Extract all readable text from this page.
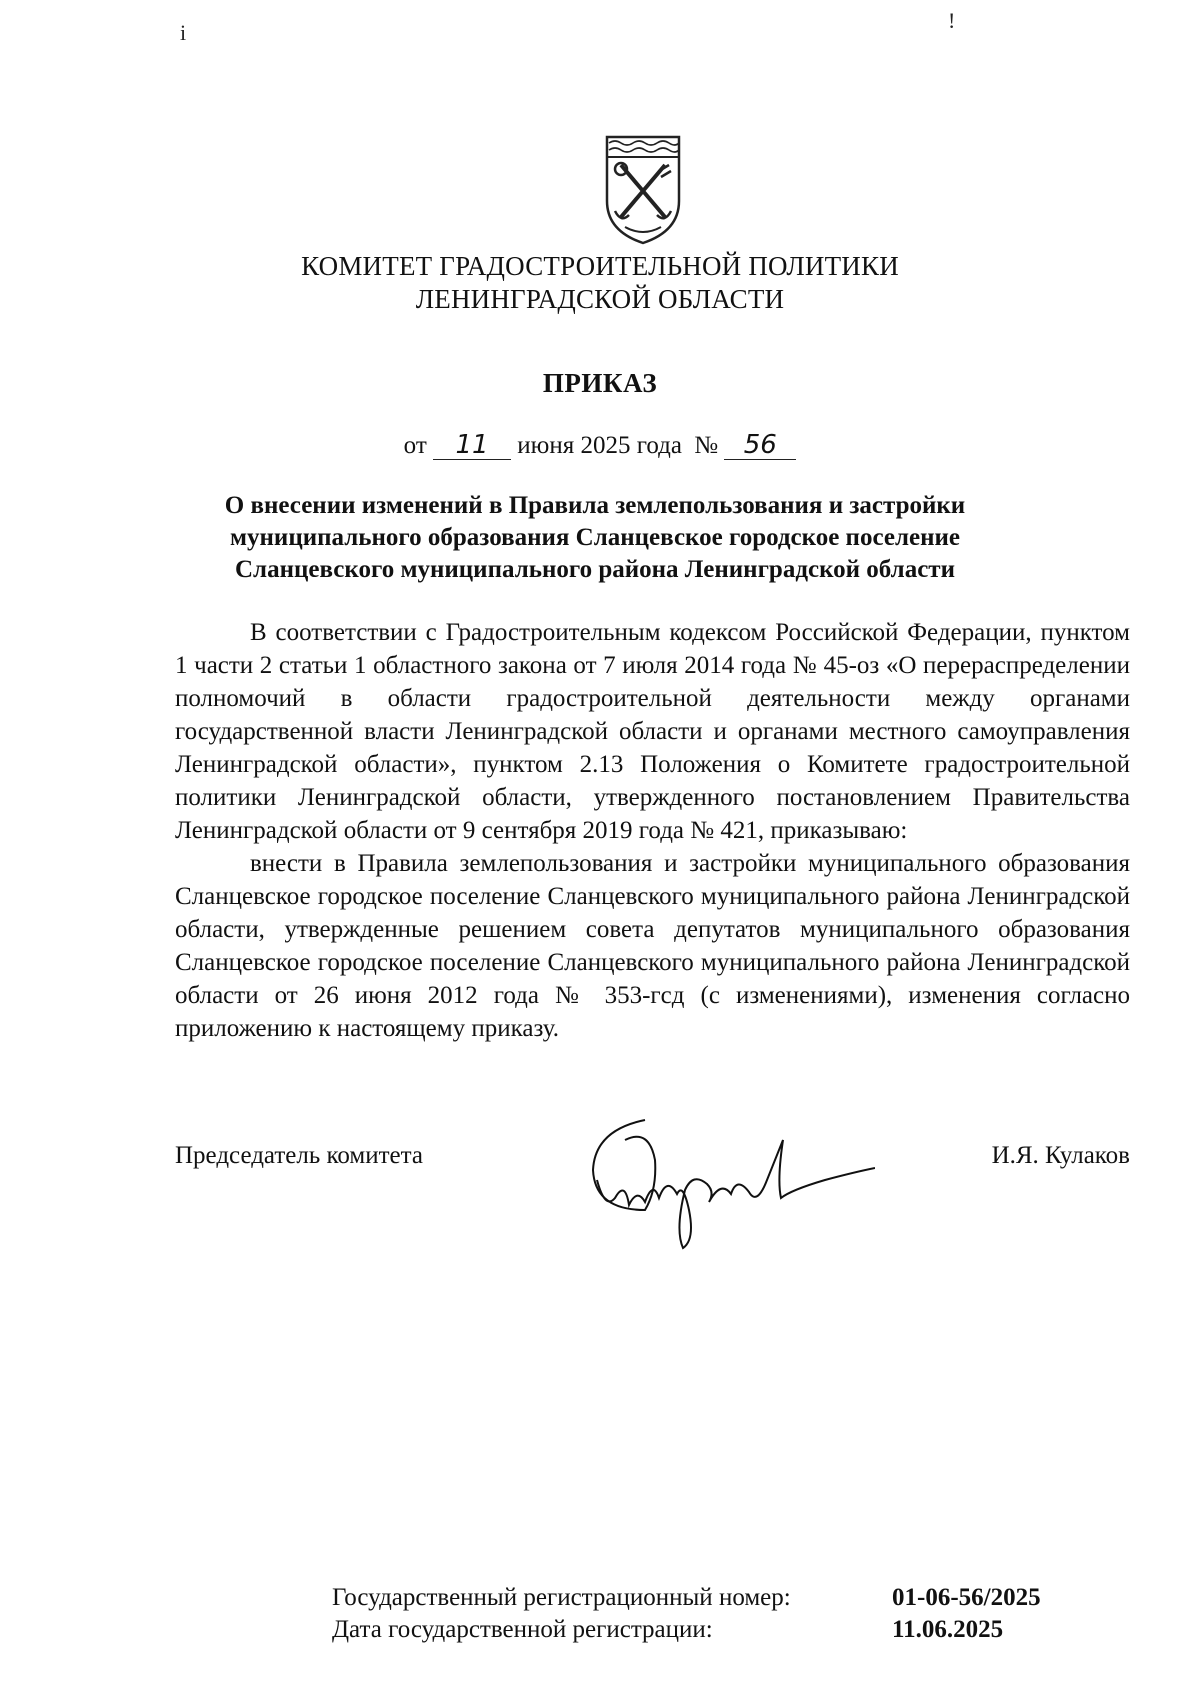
i	!
КОМИТЕТ ГРАДОСТРОИТЕЛЬНОЙ ПОЛИТИКИ
ЛЕНИНГРАДСКОЙ ОБЛАСТИ
ПРИКАЗ
от 11 июня 2025 года № 56
О внесении изменений в Правила землепользования и застройки
муниципального образования Сланцевское городское поселение
Сланцевского муниципального района Ленинградской области

В соответствии с Градостроительным кодексом Российской Федерации, пунктом 1 части 2 статьи 1 областного закона от 7 июля 2014 года № 45-оз «О перераспределении полномочий в области градостроительной деятельности между органами государственной власти Ленинградской области и органами местного самоуправления Ленинградской области», пунктом 2.13 Положения о Комитете градостроительной политики Ленинградской области, утвержденного постановлением Правительства Ленинградской области от 9 сентября 2019 года № 421, приказываю:

внести в Правила землепользования и застройки муниципального образования Сланцевское городское поселение Сланцевского муниципального района Ленинградской области, утвержденные решением совета депутатов муниципального образования Сланцевское городское поселение Сланцевского муниципального района Ленинградской области от 26 июня 2012 года № 353-гсд (с изменениями), изменения согласно приложению к настоящему приказу.

Председатель комитета	И.Я. Кулаков
Государственный регистрационный номер:	01-06-56/2025
Дата государственной регистрации:	11.06.2025
